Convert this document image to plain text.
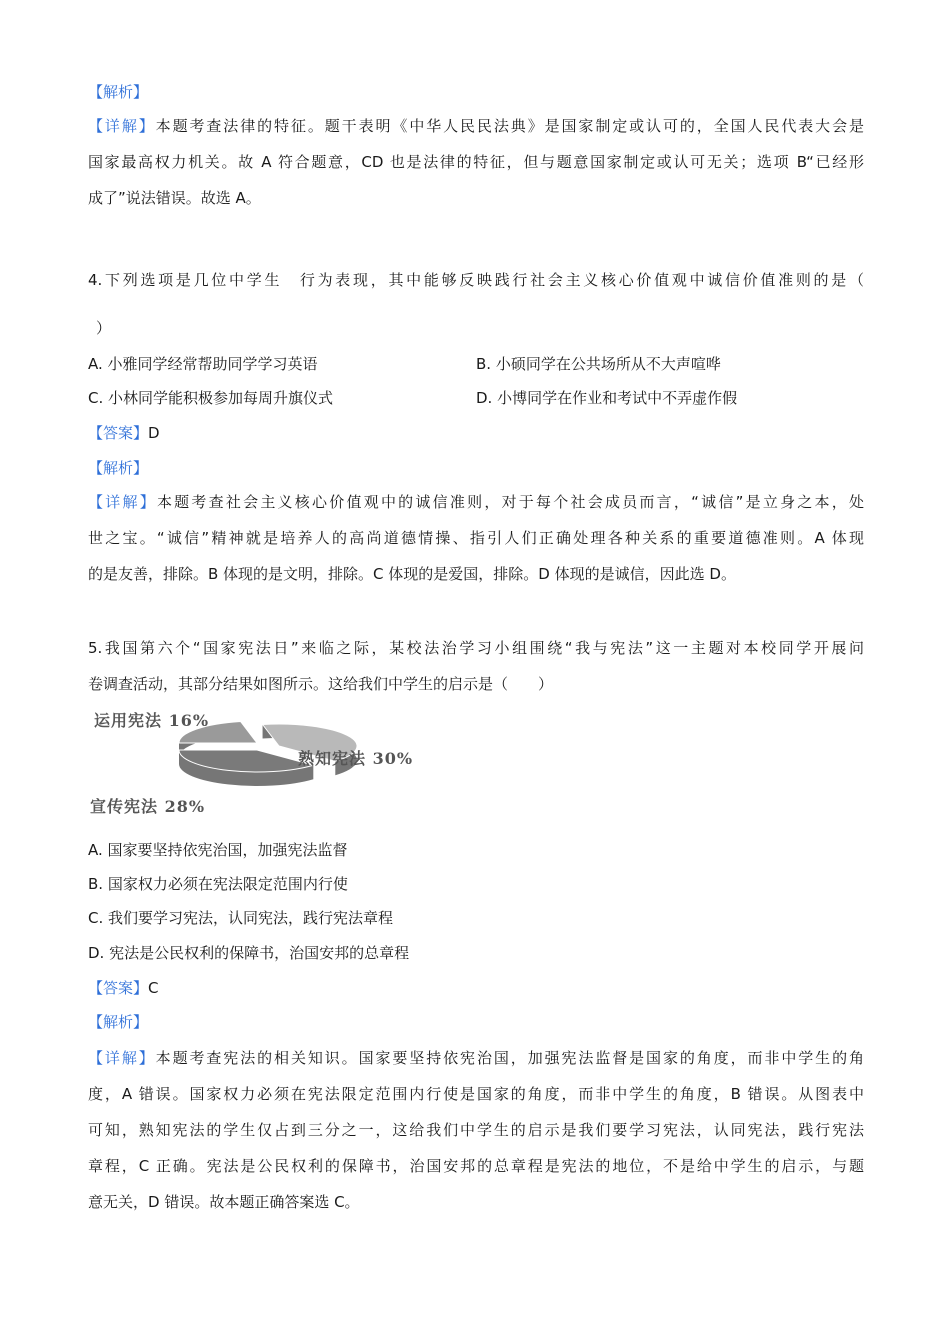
【解析】
【详解】本题考查法律的特征。题干表明《中华人民民法典》是国家制定或认可的，全国人民代表大会是
国家最高权力机关。故 A 符合题意，CD 也是法律的特征，但与题意国家制定或认可无关；选项 B“已经形
成了”说法错误。故选 A。
4.下列选项是几位中学生　行为表现，其中能够反映践行社会主义核心价值观中诚信价值准则的是（
）
A. 小雅同学经常帮助同学学习英语	B. 小硕同学在公共场所从不大声喧哗
C. 小林同学能积极参加每周升旗仪式	D. 小博同学在作业和考试中不弄虚作假
【答案】D
【解析】
【详解】本题考查社会主义核心价值观中的诚信准则，对于每个社会成员而言，“诚信”是立身之本，处
世之宝。“诚信”精神就是培养人的高尚道德情操、指引人们正确处理各种关系的重要道德准则。A 体现
的是友善，排除。B 体现的是文明，排除。C 体现的是爱国，排除。D 体现的是诚信，因此选 D。
5.我国第六个“国家宪法日”来临之际，某校法治学习小组围绕“我与宪法”这一主题对本校同学开展问
卷调查活动，其部分结果如图所示。这给我们中学生的启示是（　　）
运用宪法 16%
熟知宪法 30%
宣传宪法 28%
A. 国家要坚持依宪治国，加强宪法监督
B. 国家权力必须在宪法限定范围内行使
C. 我们要学习宪法，认同宪法，践行宪法章程
D. 宪法是公民权利的保障书，治国安邦的总章程
【答案】C
【解析】
【详解】本题考查宪法的相关知识。国家要坚持依宪治国，加强宪法监督是国家的角度，而非中学生的角
度，A 错误。国家权力必须在宪法限定范围内行使是国家的角度，而非中学生的角度，B 错误。从图表中
可知，熟知宪法的学生仅占到三分之一，这给我们中学生的启示是我们要学习宪法，认同宪法，践行宪法
章程，C 正确。宪法是公民权利的保障书，治国安邦的总章程是宪法的地位，不是给中学生的启示，与题
意无关，D 错误。故本题正确答案选 C。
